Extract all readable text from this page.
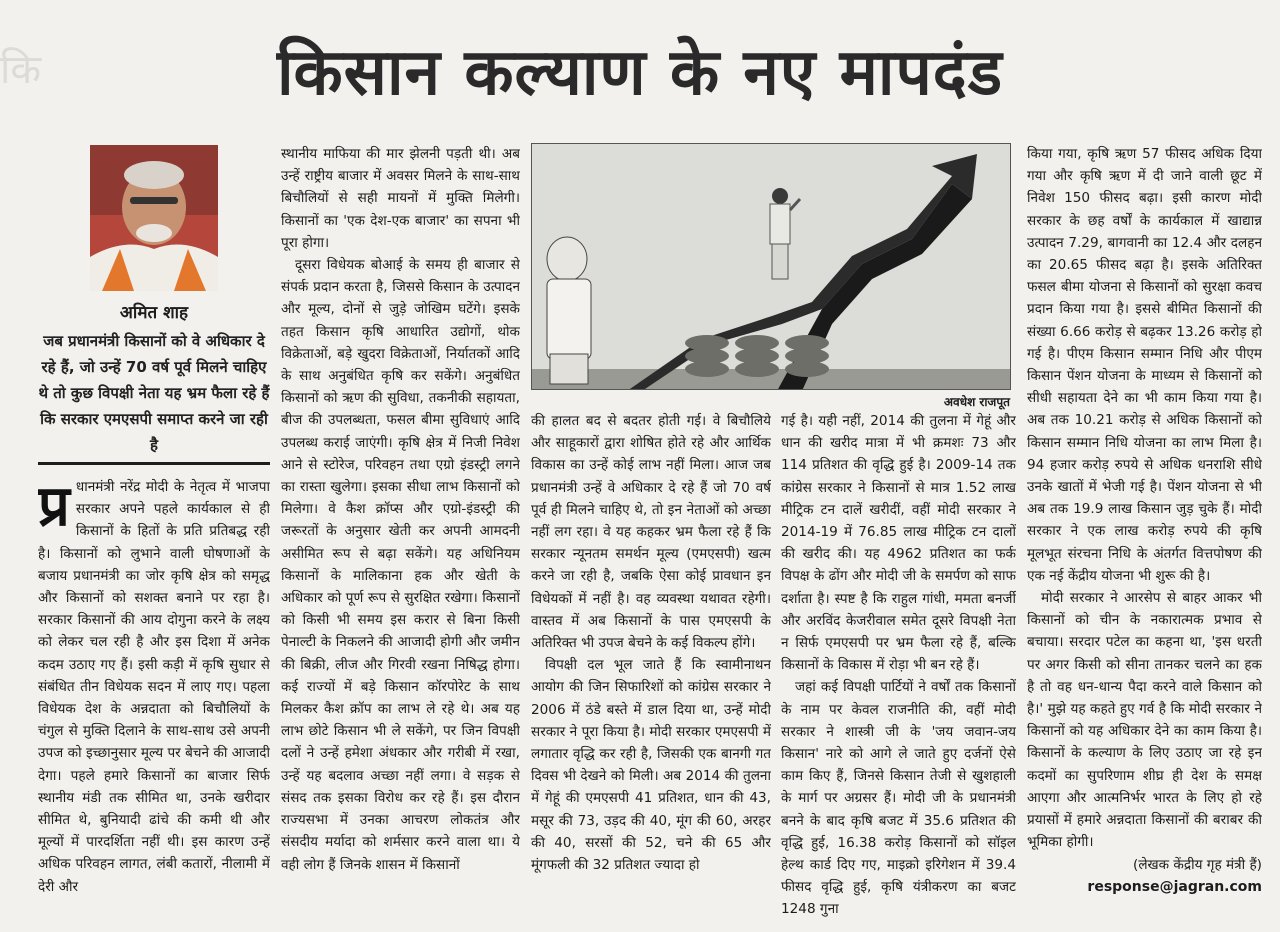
कि	किसान कल्याण के नए मापदंड
अमित शाह
जब प्रधानमंत्री किसानों को वे अधिकार दे रहे हैं, जो उन्हें 70 वर्ष पूर्व मिलने चाहिए थे तो कुछ विपक्षी नेता यह भ्रम फैला रहे हैं कि सरकार एमएसपी समाप्त करने जा रही है

प्र धानमंत्री नरेंद्र मोदी के नेतृत्व में भाजपा सरकार अपने पहले कार्यकाल से ही किसानों के हितों के प्रति प्रतिबद्ध रही है। किसानों को लुभाने वाली घोषणाओं के बजाय प्रधानमंत्री का जोर कृषि क्षेत्र को समृद्ध और किसानों को सशक्त बनाने पर रहा है। सरकार किसानों की आय दोगुना करने के लक्ष्य को लेकर चल रही है और इस दिशा में अनेक कदम उठाए गए हैं। इसी कड़ी में कृषि सुधार से संबंधित तीन विधेयक सदन में लाए गए। पहला विधेयक देश के अन्नदाता को बिचौलियों के चंगुल से मुक्ति दिलाने के साथ-साथ उसे अपनी उपज को इच्छानुसार मूल्य पर बेचने की आजादी देगा। पहले हमारे किसानों का बाजार सिर्फ स्थानीय मंडी तक सीमित था, उनके खरीदार सीमित थे, बुनियादी ढांचे की कमी थी और मूल्यों में पारदर्शिता नहीं थी। इस कारण उन्हें अधिक परिवहन लागत, लंबी कतारों, नीलामी में देरी और

स्थानीय माफिया की मार झेलनी पड़ती थी। अब उन्हें राष्ट्रीय बाजार में अवसर मिलने के साथ-साथ बिचौलियों से सही मायनों में मुक्ति मिलेगी। किसानों का 'एक देश-एक बाजार' का सपना भी पूरा होगा।

दूसरा विधेयक बोआई के समय ही बाजार से संपर्क प्रदान करता है, जिससे किसान के उत्पादन और मूल्य, दोनों से जुड़े जोखिम घटेंगे। इसके तहत किसान कृषि आधारित उद्योगों, थोक विक्रेताओं, बड़े खुदरा विक्रेताओं, निर्यातकों आदि के साथ अनुबंधित कृषि कर सकेंगे। अनुबंधित किसानों को ऋण की सुविधा, तकनीकी सहायता, बीज की उपलब्धता, फसल बीमा सुविधाएं आदि उपलब्ध कराई जाएंगी। कृषि क्षेत्र में निजी निवेश आने से स्टोरेज, परिवहन तथा एग्रो इंडस्ट्री लगने का रास्ता खुलेगा। इसका सीधा लाभ किसानों को मिलेगा। वे कैश क्रॉप्स और एग्रो-इंडस्ट्री की जरूरतों के अनुसार खेती कर अपनी आमदनी असीमित रूप से बढ़ा सकेंगे। यह अधिनियम किसानों के मालिकाना हक और खेती के अधिकार को पूर्ण रूप से सुरक्षित रखेगा। किसानों को किसी भी समय इस करार से बिना किसी पेनाल्टी के निकलने की आजादी होगी और जमीन की बिक्री, लीज और गिरवी रखना निषिद्ध होगा। कई राज्यों में बड़े किसान कॉरपोरेट के साथ मिलकर कैश क्रॉप का लाभ ले रहे थे। अब यह लाभ छोटे किसान भी ले सकेंगे, पर जिन विपक्षी दलों ने उन्हें हमेशा अंधकार और गरीबी में रखा, उन्हें यह बदलाव अच्छा नहीं लगा। वे सड़क से संसद तक इसका विरोध कर रहे हैं। इस दौरान राज्यसभा में उनका आचरण लोकतंत्र और संसदीय मर्यादा को शर्मसार करने वाला था। ये वही लोग हैं जिनके शासन में किसानों

अवधेश राजपूत

की हालत बद से बदतर होती गई। वे बिचौलिये और साहूकारों द्वारा शोषित होते रहे और आर्थिक विकास का उन्हें कोई लाभ नहीं मिला। आज जब प्रधानमंत्री उन्हें वे अधिकार दे रहे हैं जो 70 वर्ष पूर्व ही मिलने चाहिए थे, तो इन नेताओं को अच्छा नहीं लग रहा। वे यह कहकर भ्रम फैला रहे हैं कि सरकार न्यूनतम समर्थन मूल्य (एमएसपी) खत्म करने जा रही है, जबकि ऐसा कोई प्रावधान इन विधेयकों में नहीं है। वह व्यवस्था यथावत रहेगी। वास्तव में अब किसानों के पास एमएसपी के अतिरिक्त भी उपज बेचने के कई विकल्प होंगे।

विपक्षी दल भूल जाते हैं कि स्वामीनाथन आयोग की जिन सिफारिशों को कांग्रेस सरकार ने 2006 में ठंडे बस्ते में डाल दिया था, उन्हें मोदी सरकार ने पूरा किया है। मोदी सरकार एमएसपी में लगातार वृद्धि कर रही है, जिसकी एक बानगी गत दिवस भी देखने को मिली। अब 2014 की तुलना में गेहूं की एमएसपी 41 प्रतिशत, धान की 43, मसूर की 73, उड़द की 40, मूंग की 60, अरहर की 40, सरसों की 52, चने की 65 और मूंगफली की 32 प्रतिशत ज्यादा हो

गई है। यही नहीं, 2014 की तुलना में गेहूं और धान की खरीद मात्रा में भी क्रमशः 73 और 114 प्रतिशत की वृद्धि हुई है। 2009-14 तक कांग्रेस सरकार ने किसानों से मात्र 1.52 लाख मीट्रिक टन दालें खरीदीं, वहीं मोदी सरकार ने 2014-19 में 76.85 लाख मीट्रिक टन दालों की खरीद की। यह 4962 प्रतिशत का फर्क विपक्ष के ढोंग और मोदी जी के समर्पण को साफ दर्शाता है। स्पष्ट है कि राहुल गांधी, ममता बनर्जी और अरविंद केजरीवाल समेत दूसरे विपक्षी नेता न सिर्फ एमएसपी पर भ्रम फैला रहे हैं, बल्कि किसानों के विकास में रोड़ा भी बन रहे हैं।

जहां कई विपक्षी पार्टियों ने वर्षों तक किसानों के नाम पर केवल राजनीति की, वहीं मोदी सरकार ने शास्त्री जी के 'जय जवान-जय किसान' नारे को आगे ले जाते हुए दर्जनों ऐसे काम किए हैं, जिनसे किसान तेजी से खुशहाली के मार्ग पर अग्रसर हैं। मोदी जी के प्रधानमंत्री बनने के बाद कृषि बजट में 35.6 प्रतिशत की वृद्धि हुई, 16.38 करोड़ किसानों को सॉइल हेल्थ कार्ड दिए गए, माइक्रो इरिगेशन में 39.4 फीसद वृद्धि हुई, कृषि यंत्रीकरण का बजट 1248 गुना

किया गया, कृषि ऋण 57 फीसद अधिक दिया गया और कृषि ऋण में दी जाने वाली छूट में निवेश 150 फीसद बढ़ा। इसी कारण मोदी सरकार के छह वर्षों के कार्यकाल में खाद्यान्न उत्पादन 7.29, बागवानी का 12.4 और दलहन का 20.65 फीसद बढ़ा है। इसके अतिरिक्त फसल बीमा योजना से किसानों को सुरक्षा कवच प्रदान किया गया है। इससे बीमित किसानों की संख्या 6.66 करोड़ से बढ़कर 13.26 करोड़ हो गई है। पीएम किसान सम्मान निधि और पीएम किसान पेंशन योजना के माध्यम से किसानों को सीधी सहायता देने का भी काम किया गया है। अब तक 10.21 करोड़ से अधिक किसानों को किसान सम्मान निधि योजना का लाभ मिला है। 94 हजार करोड़ रुपये से अधिक धनराशि सीधे उनके खातों में भेजी गई है। पेंशन योजना से भी अब तक 19.9 लाख किसान जुड़ चुके हैं। मोदी सरकार ने एक लाख करोड़ रुपये की कृषि मूलभूत संरचना निधि के अंतर्गत वित्तपोषण की एक नई केंद्रीय योजना भी शुरू की है।

मोदी सरकार ने आरसेप से बाहर आकर भी किसानों को चीन के नकारात्मक प्रभाव से बचाया। सरदार पटेल का कहना था, 'इस धरती पर अगर किसी को सीना तानकर चलने का हक है तो वह धन-धान्य पैदा करने वाले किसान को है।' मुझे यह कहते हुए गर्व है कि मोदी सरकार ने किसानों को यह अधिकार देने का काम किया है। किसानों के कल्याण के लिए उठाए जा रहे इन कदमों का सुपरिणाम शीघ्र ही देश के समक्ष आएगा और आत्मनिर्भर भारत के लिए हो रहे प्रयासों में हमारे अन्नदाता किसानों की बराबर की भूमिका होगी।

(लेखक केंद्रीय गृह मंत्री हैं)

response@jagran.com
